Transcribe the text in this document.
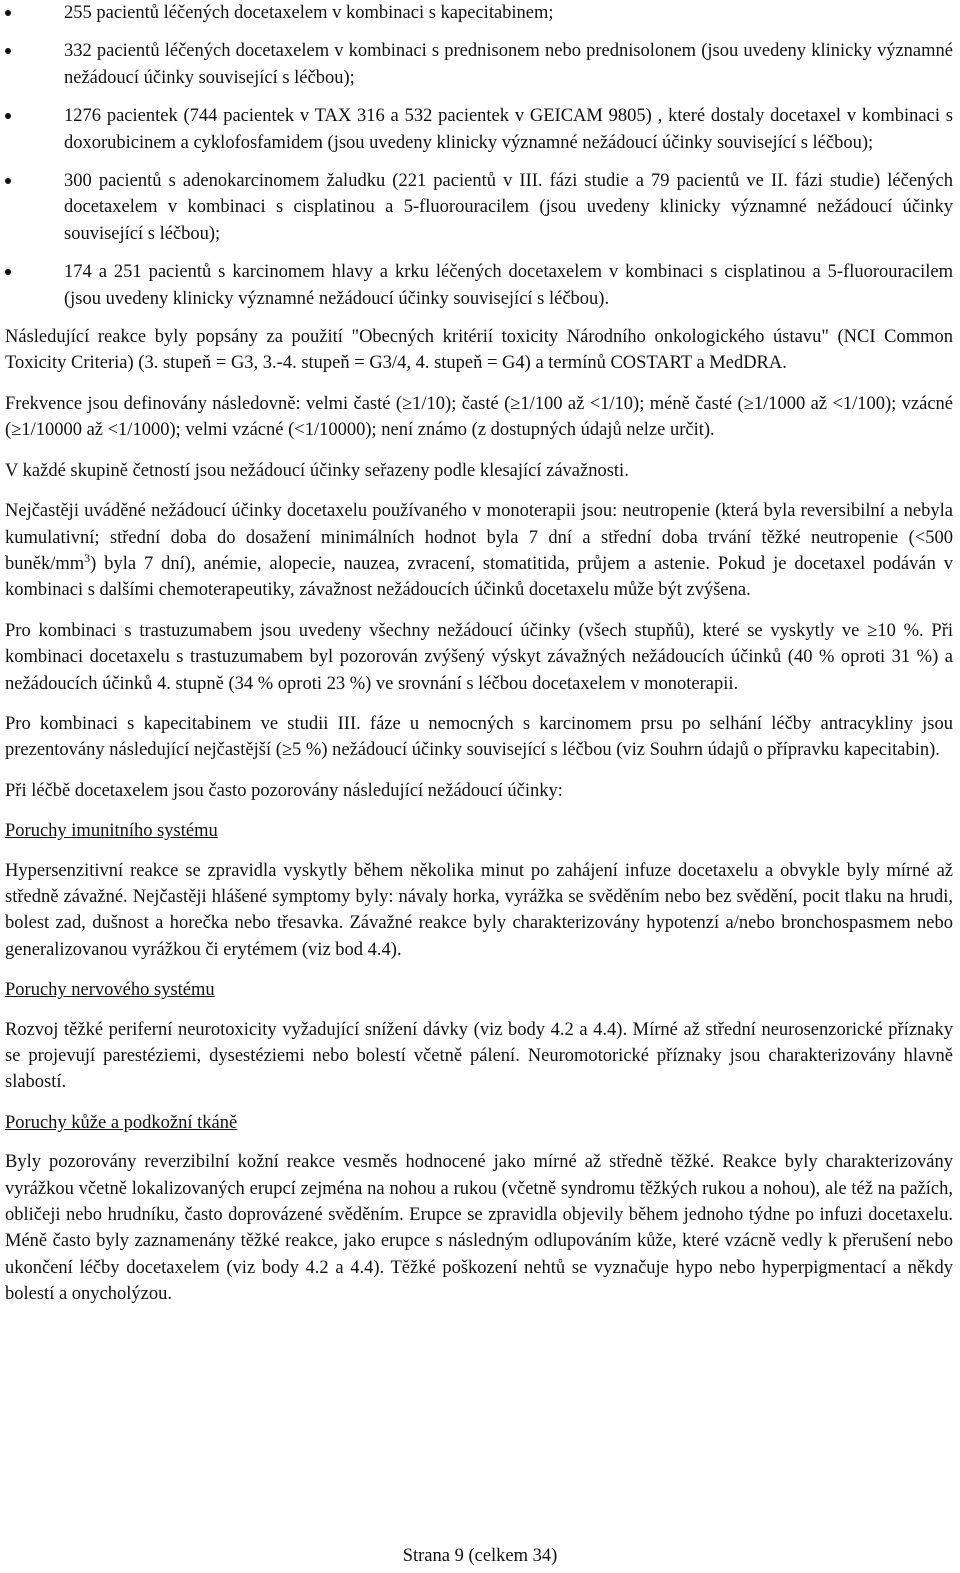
255 pacientů léčených docetaxelem v kombinaci s kapecitabinem;
332 pacientů léčených docetaxelem v kombinaci s prednisonem nebo prednisolonem (jsou uvedeny klinicky významné nežádoucí účinky související s léčbou);
1276 pacientek (744 pacientek v TAX 316 a 532 pacientek v GEICAM 9805) , které dostaly docetaxel v kombinaci s doxorubicinem a cyklofosfamidem (jsou uvedeny klinicky významné nežádoucí účinky související s léčbou);
300 pacientů s adenokarcinomem žaludku (221 pacientů v III. fázi studie a 79 pacientů ve II. fázi studie) léčených docetaxelem v kombinaci s cisplatinou a 5-fluorouracilem (jsou uvedeny klinicky významné nežádoucí účinky související s léčbou);
174 a 251 pacientů s karcinomem hlavy a krku léčených docetaxelem v kombinaci s cisplatinou a 5-fluorouracilem (jsou uvedeny klinicky významné nežádoucí účinky související s léčbou).

Následující reakce byly popsány za použití "Obecných kritérií toxicity Národního onkologického ústavu" (NCI Common Toxicity Criteria) (3. stupeň = G3, 3.-4. stupeň = G3/4, 4. stupeň = G4) a termínů COSTART a MedDRA.

Frekvence jsou definovány následovně: velmi časté (≥1/10); časté (≥1/100 až <1/10); méně časté (≥1/1000 až <1/100); vzácné (≥1/10000 až <1/1000); velmi vzácné (<1/10000); není známo (z dostupných údajů nelze určit).

V každé skupině četností jsou nežádoucí účinky seřazeny podle klesající závažnosti.

Nejčastěji uváděné nežádoucí účinky docetaxelu používaného v monoterapii jsou: neutropenie (která byla reversibilní a nebyla kumulativní; střední doba do dosažení minimálních hodnot byla 7 dní a střední doba trvání těžké neutropenie (<500 buněk/$mm^3$) byla 7 dní), anémie, alopecie, nauzea, zvracení, stomatitida, průjem a astenie. Pokud je docetaxel podáván v kombinaci s dalšími chemoterapeutiky, závažnost nežádoucích účinků docetaxelu může být zvýšena.

Pro kombinaci s trastuzumabem jsou uvedeny všechny nežádoucí účinky (všech stupňů), které se vyskytly ve ≥10 %. Při kombinaci docetaxelu s trastuzumabem byl pozorován zvýšený výskyt závažných nežádoucích účinků (40 % oproti 31 %) a nežádoucích účinků 4. stupně (34 % oproti 23 %) ve srovnání s léčbou docetaxelem v monoterapii.

Pro kombinaci s kapecitabinem ve studii III. fáze u nemocných s karcinomem prsu po selhání léčby antracykliny jsou prezentovány následující nejčastější (≥5 %) nežádoucí účinky související s léčbou (viz Souhrn údajů o přípravku kapecitabin).

Při léčbě docetaxelem jsou často pozorovány následující nežádoucí účinky:

Poruchy imunitního systému

Hypersenzitivní reakce se zpravidla vyskytly během několika minut po zahájení infuze docetaxelu a obvykle byly mírné až středně závažné. Nejčastěji hlášené symptomy byly: návaly horka, vyrážka se svěděním nebo bez svědění, pocit tlaku na hrudi, bolest zad, dušnost a horečka nebo třesavka. Závažné reakce byly charakterizovány hypotenzí a/nebo bronchospasmem nebo generalizovanou vyrážkou či erytémem (viz bod 4.4).

Poruchy nervového systému

Rozvoj těžké periferní neurotoxicity vyžadující snížení dávky (viz body 4.2 a 4.4). Mírné až střední neurosenzorické příznaky se projevují parestéziemi, dysestéziemi nebo bolestí včetně pálení. Neuromotorické příznaky jsou charakterizovány hlavně slabostí.

Poruchy kůže a podkožní tkáně

Byly pozorovány reverzibilní kožní reakce vesměs hodnocené jako mírné až středně těžké. Reakce byly charakterizovány vyrážkou včetně lokalizovaných erupcí zejména na nohou a rukou (včetně syndromu těžkých rukou a nohou), ale též na pažích, obličeji nebo hrudníku, často doprovázené svěděním. Erupce se zpravidla objevily během jednoho týdne po infuzi docetaxelu. Méně často byly zaznamenány těžké reakce, jako erupce s následným odlupováním kůže, které vzácně vedly k přerušení nebo ukončení léčby docetaxelem (viz body 4.2 a 4.4). Těžké poškození nehtů se vyznačuje hypo nebo hyperpigmentací a někdy bolestí a onycholýzou.

Strana 9 (celkem 34)
